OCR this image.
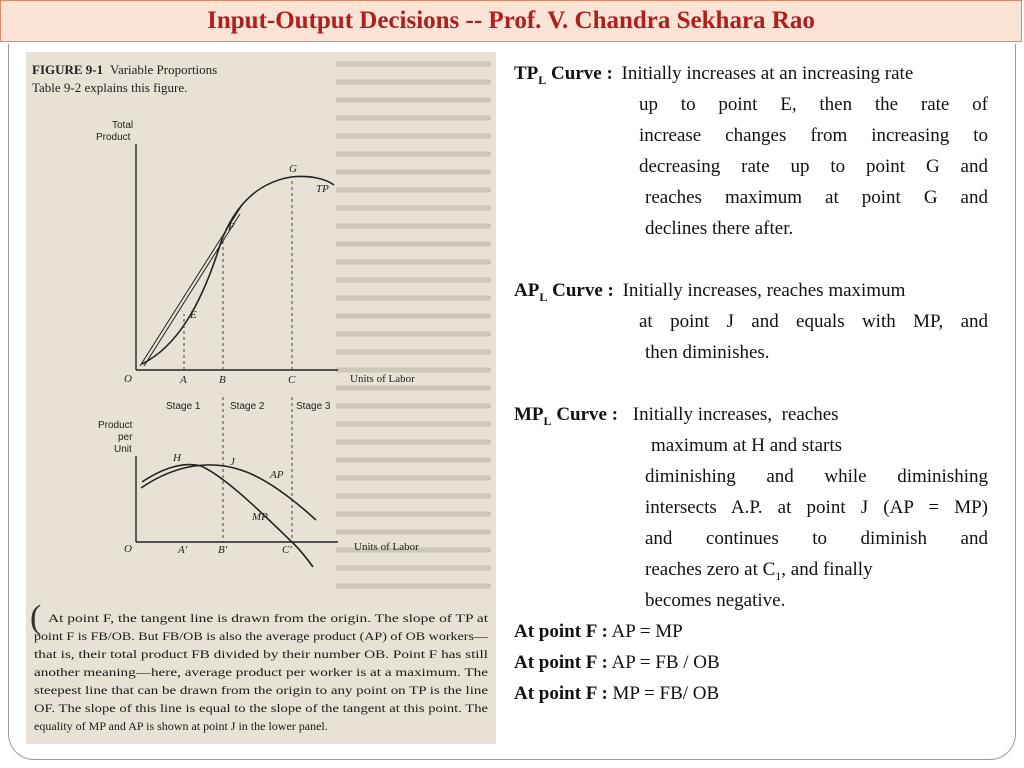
Input-Output Decisions -- Prof. V. Chandra Sekhara Rao
FIGURE 9-1 Variable Proportions
Table 9-2 explains this figure.
Total
Product
G
TP
F
E
O	A	B	C	Units of Labor
Stage 1	Stage 2	Stage 3
Product
per
Unit
H	J
AP
MP
O	A'	B'	C'	Units of Labor
( At point F, the tangent line is drawn from the origin. The slope of TP at
point F is FB/OB. But FB/OB is also the average product (AP) of OB workers—
that is, their total product FB divided by their number OB. Point F has still
another meaning—here, average product per worker is at a maximum. The
steepest line that can be drawn from the origin to any point on TP is the line
OF. The slope of this line is equal to the slope of the tangent at this point. The
equality of MP and AP is shown at point J in the lower panel.
$TP_L$ Curve : Initially increases at an increasing rate
up to point E, then the rate of
increase changes from increasing to
decreasing rate up to point G and
reaches maximum at point G and
declines there after.
$AP_L$ Curve : Initially increases, reaches maximum
at point J and equals with MP, and
then diminishes.
$MP_L$ Curve : Initially increases,  reaches
maximum at H and starts
diminishing and while diminishing
intersects A.P. at point J (AP = MP)
and continues to diminish and
reaches zero at $C_1$, and finally
becomes negative.
At point F : AP = MP
At point F : AP = FB / OB
At point F : MP = FB/ OB
